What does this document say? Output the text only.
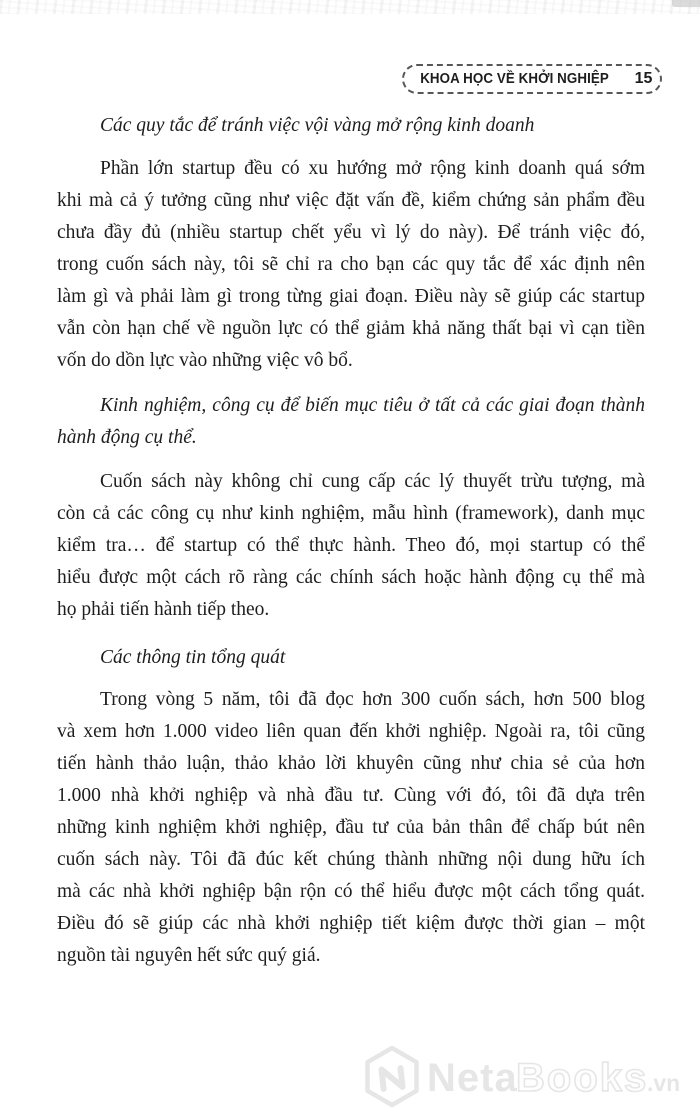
KHOA HỌC VỀ KHỞI NGHIỆP 15
Các quy tắc để tránh việc vội vàng mở rộng kinh doanh
Phần lớn startup đều có xu hướng mở rộng kinh doanh quá sớm
khi mà cả ý tưởng cũng như việc đặt vấn đề, kiểm chứng sản phẩm đều
chưa đầy đủ (nhiều startup chết yểu vì lý do này). Để tránh việc đó,
trong cuốn sách này, tôi sẽ chỉ ra cho bạn các quy tắc để xác định nên
làm gì và phải làm gì trong từng giai đoạn. Điều này sẽ giúp các startup
vẫn còn hạn chế về nguồn lực có thể giảm khả năng thất bại vì cạn tiền
vốn do dồn lực vào những việc vô bổ.
Kinh nghiệm, công cụ để biến mục tiêu ở tất cả các giai đoạn thành
hành động cụ thể.
Cuốn sách này không chỉ cung cấp các lý thuyết trừu tượng, mà
còn cả các công cụ như kinh nghiệm, mẫu hình (framework), danh mục
kiểm tra… để startup có thể thực hành. Theo đó, mọi startup có thể
hiểu được một cách rõ ràng các chính sách hoặc hành động cụ thể mà
họ phải tiến hành tiếp theo.
Các thông tin tổng quát
Trong vòng 5 năm, tôi đã đọc hơn 300 cuốn sách, hơn 500 blog
và xem hơn 1.000 video liên quan đến khởi nghiệp. Ngoài ra, tôi cũng
tiến hành thảo luận, thảo khảo lời khuyên cũng như chia sẻ của hơn
1.000 nhà khởi nghiệp và nhà đầu tư. Cùng với đó, tôi đã dựa trên
những kinh nghiệm khởi nghiệp, đầu tư của bản thân để chấp bút nên
cuốn sách này. Tôi đã đúc kết chúng thành những nội dung hữu ích
mà các nhà khởi nghiệp bận rộn có thể hiểu được một cách tổng quát.
Điều đó sẽ giúp các nhà khởi nghiệp tiết kiệm được thời gian – một
nguồn tài nguyên hết sức quý giá.
Neta
Books
.vn
